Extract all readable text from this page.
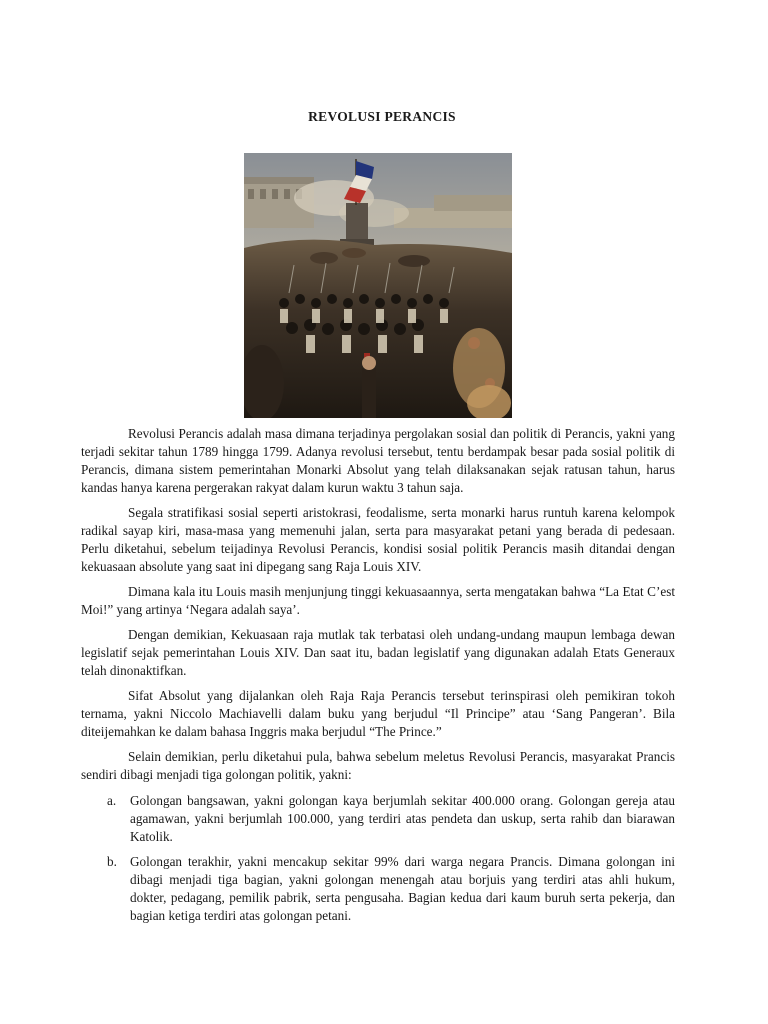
REVOLUSI PERANCIS

Revolusi Perancis adalah masa dimana terjadinya pergolakan sosial dan politik di Perancis, yakni yang terjadi sekitar tahun 1789 hingga 1799. Adanya revolusi tersebut, tentu berdampak besar pada sosial politik di Perancis, dimana sistem pemerintahan Monarki Absolut yang telah dilaksanakan sejak ratusan tahun, harus kandas hanya karena pergerakan rakyat dalam kurun waktu 3 tahun saja.

Segala stratifikasi sosial seperti aristokrasi, feodalisme, serta monarki harus runtuh karena kelompok radikal sayap kiri, masa-masa yang memenuhi jalan, serta para masyarakat petani yang berada di pedesaan. Perlu diketahui, sebelum teijadinya Revolusi Perancis, kondisi sosial politik Perancis masih ditandai dengan kekuasaan absolute yang saat ini dipegang sang Raja Louis XIV.

Dimana kala itu Louis masih menjunjung tinggi kekuasaannya, serta mengatakan bahwa “La Etat C’est Moi!” yang artinya ‘Negara adalah saya’.

Dengan demikian, Kekuasaan raja mutlak tak terbatasi oleh undang-undang maupun lembaga dewan legislatif sejak pemerintahan Louis XIV. Dan saat itu, badan legislatif yang digunakan adalah Etats Generaux telah dinonaktifkan.

Sifat Absolut yang dijalankan oleh Raja Raja Perancis tersebut terinspirasi oleh pemikiran tokoh ternama, yakni Niccolo Machiavelli dalam buku yang berjudul “Il Principe” atau ‘Sang Pangeran’. Bila diteijemahkan ke dalam bahasa Inggris maka berjudul “The Prince.”

Selain demikian, perlu diketahui pula, bahwa sebelum meletus Revolusi Perancis, masyarakat Prancis sendiri dibagi menjadi tiga golongan politik, yakni:

a. Golongan bangsawan, yakni golongan kaya berjumlah sekitar 400.000 orang. Golongan gereja atau agamawan, yakni berjumlah 100.000, yang terdiri atas pendeta dan uskup, serta rahib dan biarawan Katolik.
b. Golongan terakhir, yakni mencakup sekitar 99% dari warga negara Prancis. Dimana golongan ini dibagi menjadi tiga bagian, yakni golongan menengah atau borjuis yang terdiri atas ahli hukum, dokter, pedagang, pemilik pabrik, serta pengusaha. Bagian kedua dari kaum buruh serta pekerja, dan bagian ketiga terdiri atas golongan petani.
